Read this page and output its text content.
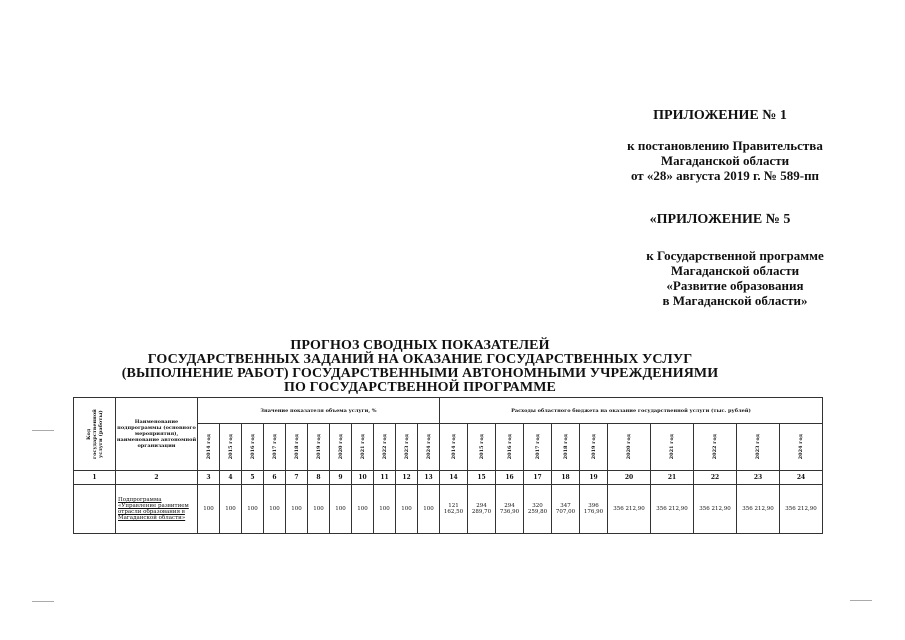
ПРИЛОЖЕНИЕ № 1
к постановлению Правительства
Магаданской области
от «28» августа 2019 г. № 589-пп
«ПРИЛОЖЕНИЕ № 5
к Государственной программе
Магаданской области
«Развитие образования
в Магаданской области»
ПРОГНОЗ СВОДНЫХ ПОКАЗАТЕЛЕЙ
ГОСУДАРСТВЕННЫХ ЗАДАНИЙ НА ОКАЗАНИЕ ГОСУДАРСТВЕННЫХ УСЛУГ
(ВЫПОЛНЕНИЕ РАБОТ) ГОСУДАРСТВЕННЫМИ АВТОНОМНЫМИ УЧРЕЖДЕНИЯМИ
ПО ГОСУДАРСТВЕННОЙ ПРОГРАММЕ
Код государственной услуги (работы)	Наименование подпрограммы (основного мероприятия), наименование автономной организации	Значение показателя объема услуги, %											Расходы областного бюджета на оказание государственной услуги (тыс. рублей)										

		2014 год	2015 год	2016 год	2017 год	2018 год	2019 год	2020 год	2021 год	2022 год	2023 год	2024 год	2014 год	2015 год	2016 год	2017 год	2018 год	2019 год	2020 год	2021 год	2022 год	2023 год	2024 год

1	2	3	4	5	6	7	8	9	10	11	12	13	14	15	16	17	18	19	20	21	22	23	24
	Подпрограмма «Управление развитием отрасли образования в Магаданской области»	100	100	100	100	100	100	100	100	100	100	100	121 162,50	294 289,70	294 736,90	320 259,80	347 707,00	396 176,90	356 212,90	356 212,90	356 212,90	356 212,90	356 212,90
